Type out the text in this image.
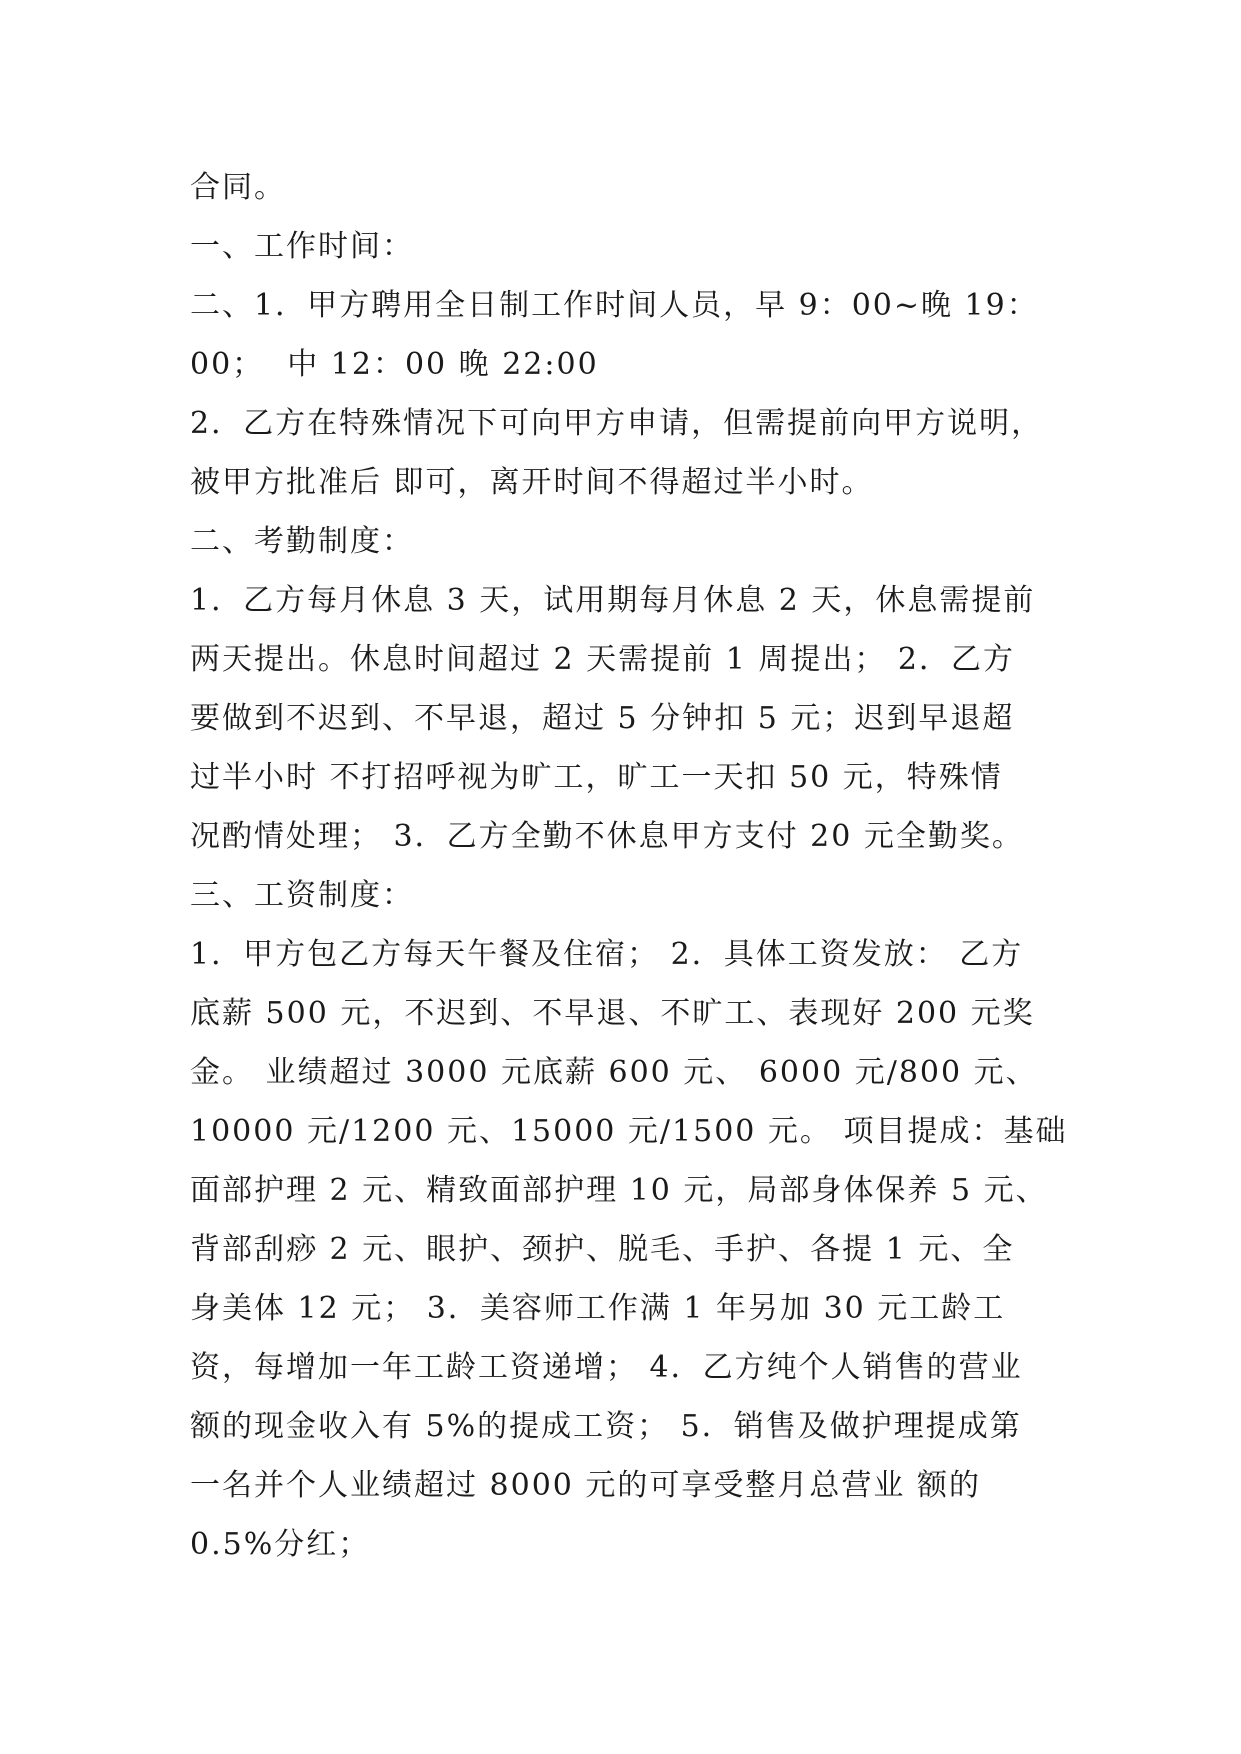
合同。
一、工作时间：
二、1．甲方聘用全日制工作时间人员，早 9：00~晚 19：
00；  中 12：00 晚 22:00
2．乙方在特殊情况下可向甲方申请，但需提前向甲方说明，
被甲方批准后 即可，离开时间不得超过半小时。
二、考勤制度：
1．乙方每月休息 3 天，试用期每月休息 2 天，休息需提前
两天提出。休息时间超过 2 天需提前 1 周提出； 2．乙方
要做到不迟到、不早退，超过 5 分钟扣 5 元；迟到早退超
过半小时 不打招呼视为旷工，旷工一天扣 50 元，特殊情
况酌情处理； 3．乙方全勤不休息甲方支付 20 元全勤奖。
三、工资制度：
1．甲方包乙方每天午餐及住宿； 2．具体工资发放： 乙方
底薪 500 元，不迟到、不早退、不旷工、表现好 200 元奖
金。 业绩超过 3000 元底薪 600 元、 6000 元/800 元、
10000 元/1200 元、15000 元/1500 元。 项目提成：基础
面部护理 2 元、精致面部护理 10 元，局部身体保养 5 元、
背部刮痧 2 元、眼护、颈护、脱毛、手护、各提 1 元、全
身美体 12 元； 3．美容师工作满 1 年另加 30 元工龄工
资，每增加一年工龄工资递增； 4．乙方纯个人销售的营业
额的现金收入有 5%的提成工资； 5．销售及做护理提成第
一名并个人业绩超过 8000 元的可享受整月总营业 额的
0.5%分红；
